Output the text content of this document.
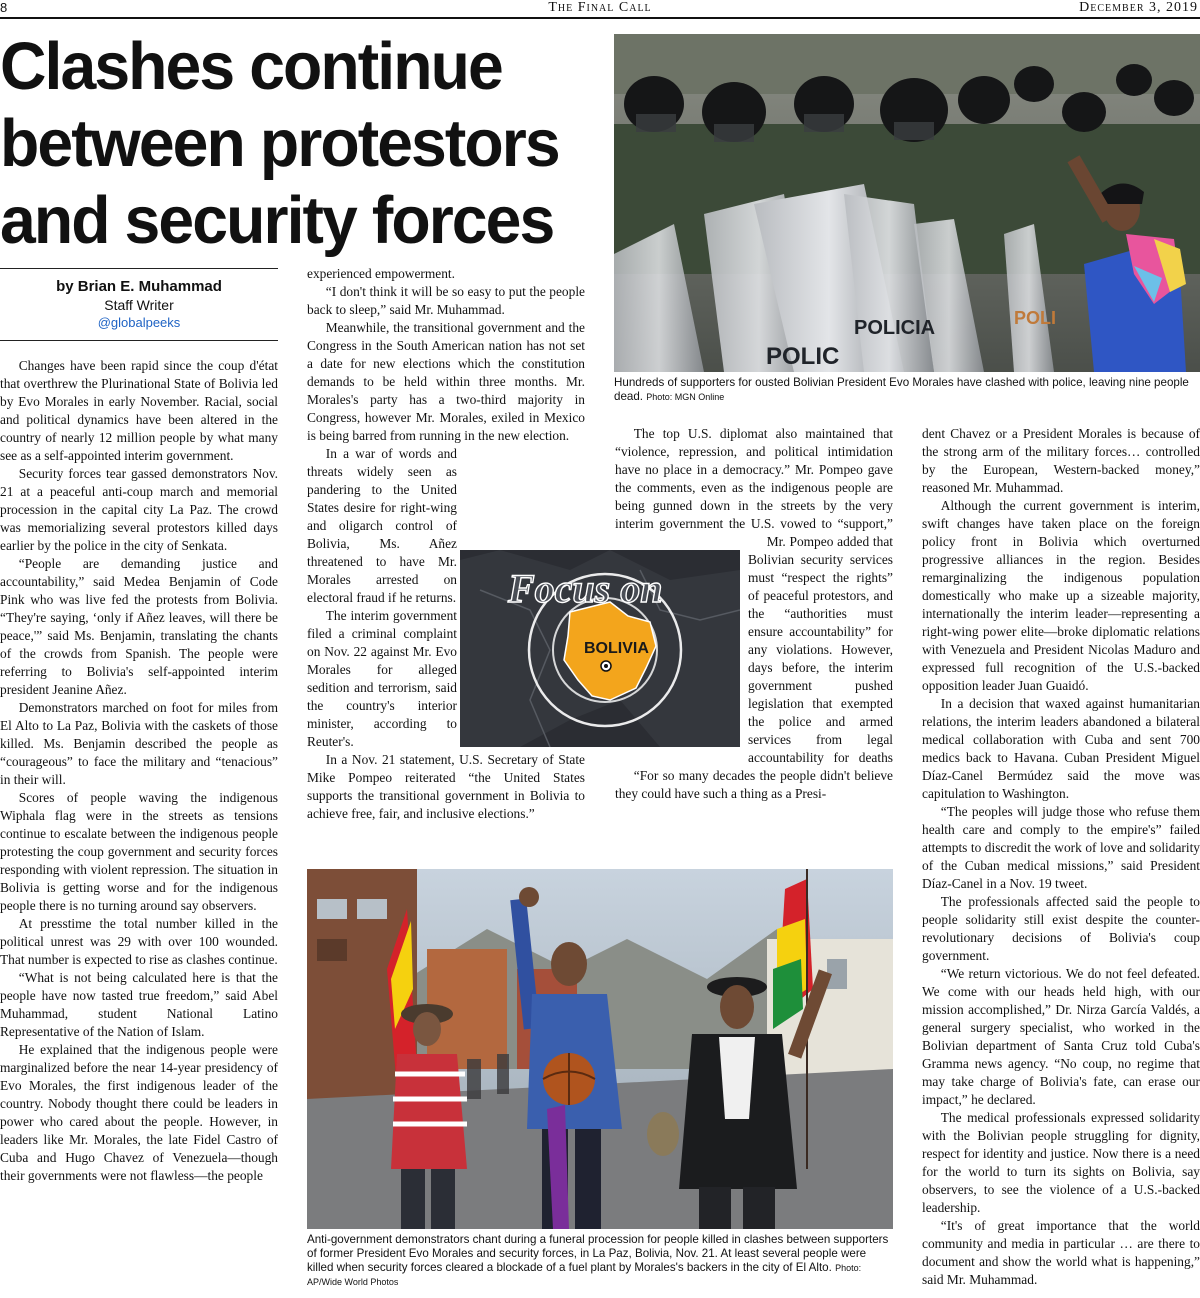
8	The Final Call	December 3, 2019
Clashes continue
between protestors
and security forces
by Brian E. Muhammad
Staff Writer
@globalpeeks

Changes have been rapid since the coup d'état that overthrew the Plurinational State of Bolivia led by Evo Morales in early November. Racial, social and political dynamics have been altered in the country of nearly 12 million people by what many see as a self-appointed interim government.

Security forces tear gassed demonstrators Nov. 21 at a peaceful anti-coup march and memorial procession in the capital city La Paz. The crowd was memorializing several protestors killed days earlier by the police in the city of Senkata.

“People are demanding justice and accountability,” said Medea Benjamin of Code Pink who was live fed the protests from Bolivia. “They're saying, ‘only if Añez leaves, will there be peace,'” said Ms. Benjamin, translating the chants of the crowds from Spanish. The people were referring to Bolivia's self-appointed interim president Jeanine Añez.

Demonstrators marched on foot for miles from El Alto to La Paz, Bolivia with the caskets of those killed. Ms. Benjamin described the people as “courageous” to face the military and “tenacious” in their will.

Scores of people waving the indigenous Wiphala flag were in the streets as tensions continue to escalate between the indigenous people protesting the coup government and security forces responding with violent repression. The situation in Bolivia is getting worse and for the indigenous people there is no turning around say observers.

At presstime the total number killed in the political unrest was 29 with over 100 wounded. That number is expected to rise as clashes continue.

“What is not being calculated here is that the people have now tasted true freedom,” said Abel Muhammad, student National Latino Representative of the Nation of Islam.

He explained that the indigenous people were marginalized before the near 14-year presidency of Evo Morales, the first indigenous leader of the country. Nobody thought there could be leaders in power who cared about the people. However, in leaders like Mr. Morales, the late Fidel Castro of Cuba and Hugo Chavez of Venezuela—though their governments were not flawless—the people

experienced empowerment.

“I don't think it will be so easy to put the people back to sleep,” said Mr. Muhammad.

Meanwhile, the transitional government and the Congress in the South American nation has not set a date for new elections which the constitution demands to be held within three months. Mr. Morales's party has a two-third majority in Congress, however Mr. Morales, exiled in Mexico is being barred from running in the new election.

In a war of words and threats widely seen as pandering to the United States desire for right-wing and oligarch control of Bolivia, Ms. Añez threatened to have Mr. Morales arrested on electoral fraud if he returns.

The interim government filed a criminal complaint on Nov. 22 against Mr. Evo Morales for alleged sedition and terrorism, said the country's interior minister, according to Reuter's.

In a Nov. 21 statement, U.S. Secretary of State Mike Pompeo reiterated “the United States supports the transitional government in Bolivia to achieve free, fair, and inclusive elections.”

The top U.S. diplomat also maintained that “violence, repression, and political intimidation have no place in a democracy.” Mr. Pompeo gave the comments, even as the indigenous people are being gunned down in the streets by the very interim government the U.S. vowed to “support,”

Mr. Pompeo added that Bolivian security services must “respect the rights” of peaceful protestors, and the “authorities must ensure accountability” for any violations. However, days before, the interim government pushed legislation that exempted the police and armed services from legal accountability for deaths

“For so many decades the people didn't believe they could have such a thing as a Presi-

dent Chavez or a President Morales is because of the strong arm of the military forces… controlled by the European, Western-backed money,” reasoned Mr. Muhammad.

Although the current government is interim, swift changes have taken place on the foreign policy front in Bolivia which overturned progressive alliances in the region. Besides remarginalizing the indigenous population domestically who make up a sizeable majority, internationally the interim leader—representing a right-wing power elite—broke diplomatic relations with Venezuela and President Nicolas Maduro and expressed full recognition of the U.S.-backed opposition leader Juan Guaidó.

In a decision that waxed against humanitarian relations, the interim leaders abandoned a bilateral medical collaboration with Cuba and sent 700 medics back to Havana. Cuban President Miguel Díaz-Canel Bermúdez said the move was capitulation to Washington.

“The peoples will judge those who refuse them health care and comply to the empire's” failed attempts to discredit the work of love and solidarity of the Cuban medical missions,” said President Díaz-Canel in a Nov. 19 tweet.

The professionals affected said the people to people solidarity still exist despite the counter-revolutionary decisions of Bolivia's coup government.

“We return victorious. We do not feel defeated. We come with our heads held high, with our mission accomplished,” Dr. Nirza García Valdés, a general surgery specialist, who worked in the Bolivian department of Santa Cruz told Cuba's Gramma news agency. “No coup, no regime that may take charge of Bolivia's fate, can erase our impact,” he declared.

The medical professionals expressed solidarity with the Bolivian people struggling for dignity, respect for identity and justice. Now there is a need for the world to turn its sights on Bolivia, say observers, to see the violence of a U.S.-backed leadership.

“It's of great importance that the world community and media in particular … are there to document and show the world what is happening,” said Mr. Muhammad.

POLIC
POLICIA	POLI
Hundreds of supporters for ousted Bolivian President Evo Morales have clashed with police, leaving nine people dead. Photo: MGN Online
BOLIVIA
Focus on
Anti-government demonstrators chant during a funeral procession for people killed in clashes between supporters of former President Evo Morales and security forces, in La Paz, Bolivia, Nov. 21. At least several people were killed when security forces cleared a blockade of a fuel plant by Morales's backers in the city of El Alto. Photo: AP/Wide World Photos
